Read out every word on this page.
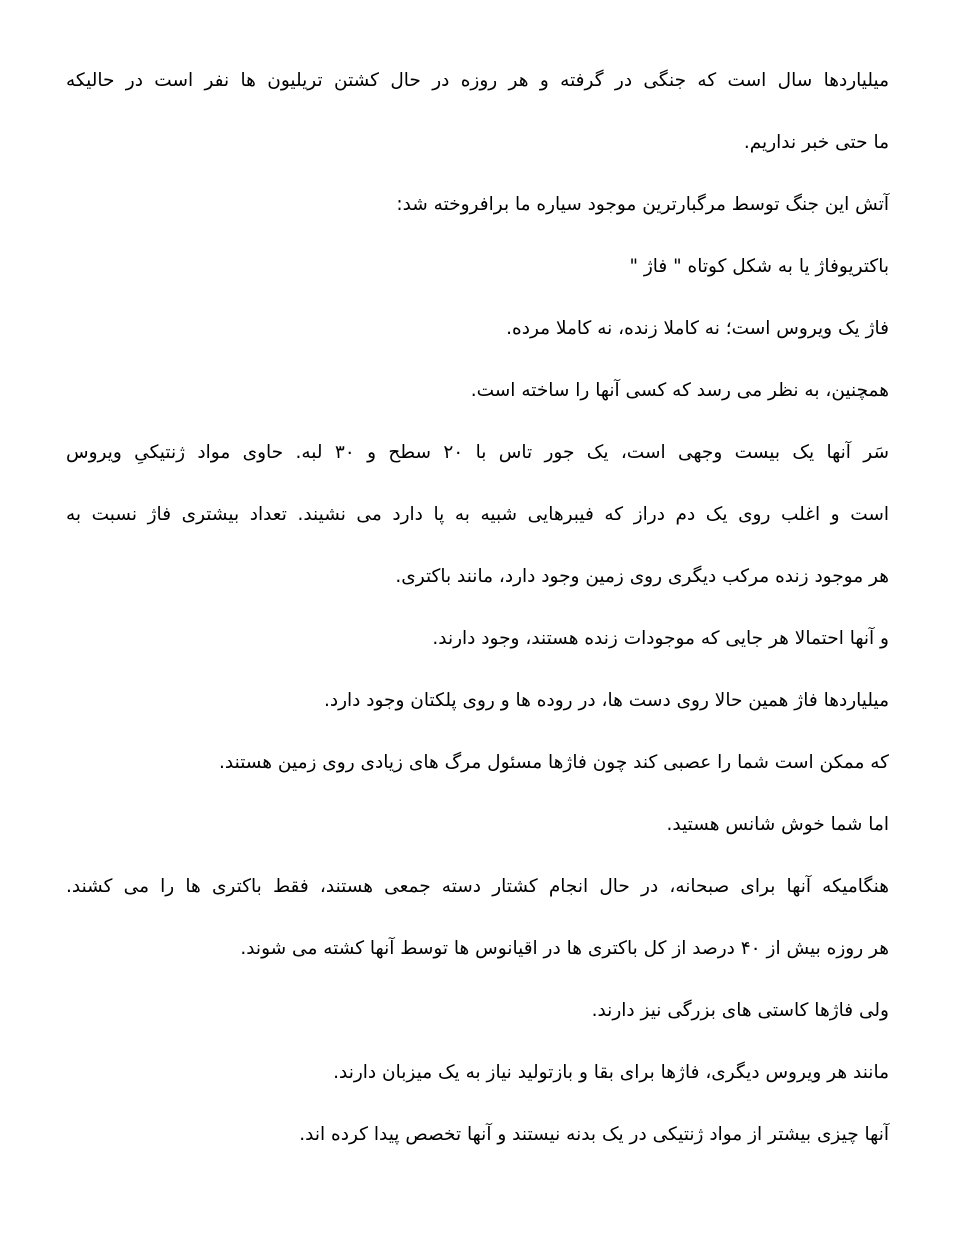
میلیاردها سال است که جنگی در گرفته و هر روزه در حال کشتن تریلیون ها نفر است در حالیکه
ما حتی خبر نداریم.
آتش این جنگ توسط مرگبارترین موجود سیاره ما برافروخته شد:
باکتریوفاژ یا به شکل کوتاه " فاژ "
فاژ یک ویروس است؛ نه کاملا زنده، نه کاملا مرده.
همچنین، به نظر می رسد که کسی آنها را ساخته است.
سَر آنها یک بیست وجهی است، یک جور تاس با ۲۰ سطح و ۳۰ لبه. حاوی مواد ژنتیکیِ ویروس
است و اغلب روی یک دم دراز که فیبرهایی شبیه به پا دارد می نشیند. تعداد بیشتری فاژ نسبت به
هر موجود زنده مرکب دیگری روی زمین وجود دارد، مانند باکتری.
و آنها احتمالا هر جایی که موجودات زنده هستند، وجود دارند.
میلیاردها فاژ همین حالا روی دست ها، در روده ها و روی پلکتان وجود دارد.
که ممکن است شما را عصبی کند چون فاژها مسئول مرگ های زیادی روی زمین هستند.
اما شما خوش شانس هستید.
هنگامیکه آنها برای صبحانه، در حال انجام کشتار دسته جمعی هستند، فقط باکتری ها را می کشند.
هر روزه بیش از ۴۰ درصد از کل باکتری ها در اقیانوس ها توسط آنها کشته می شوند.
ولی فاژها کاستی های بزرگی نیز دارند.
مانند هر ویروس دیگری، فاژها برای بقا و بازتولید نیاز به یک میزبان دارند.
آنها چیزی بیشتر از مواد ژنتیکی در یک بدنه نیستند و آنها تخصص پیدا کرده اند.
